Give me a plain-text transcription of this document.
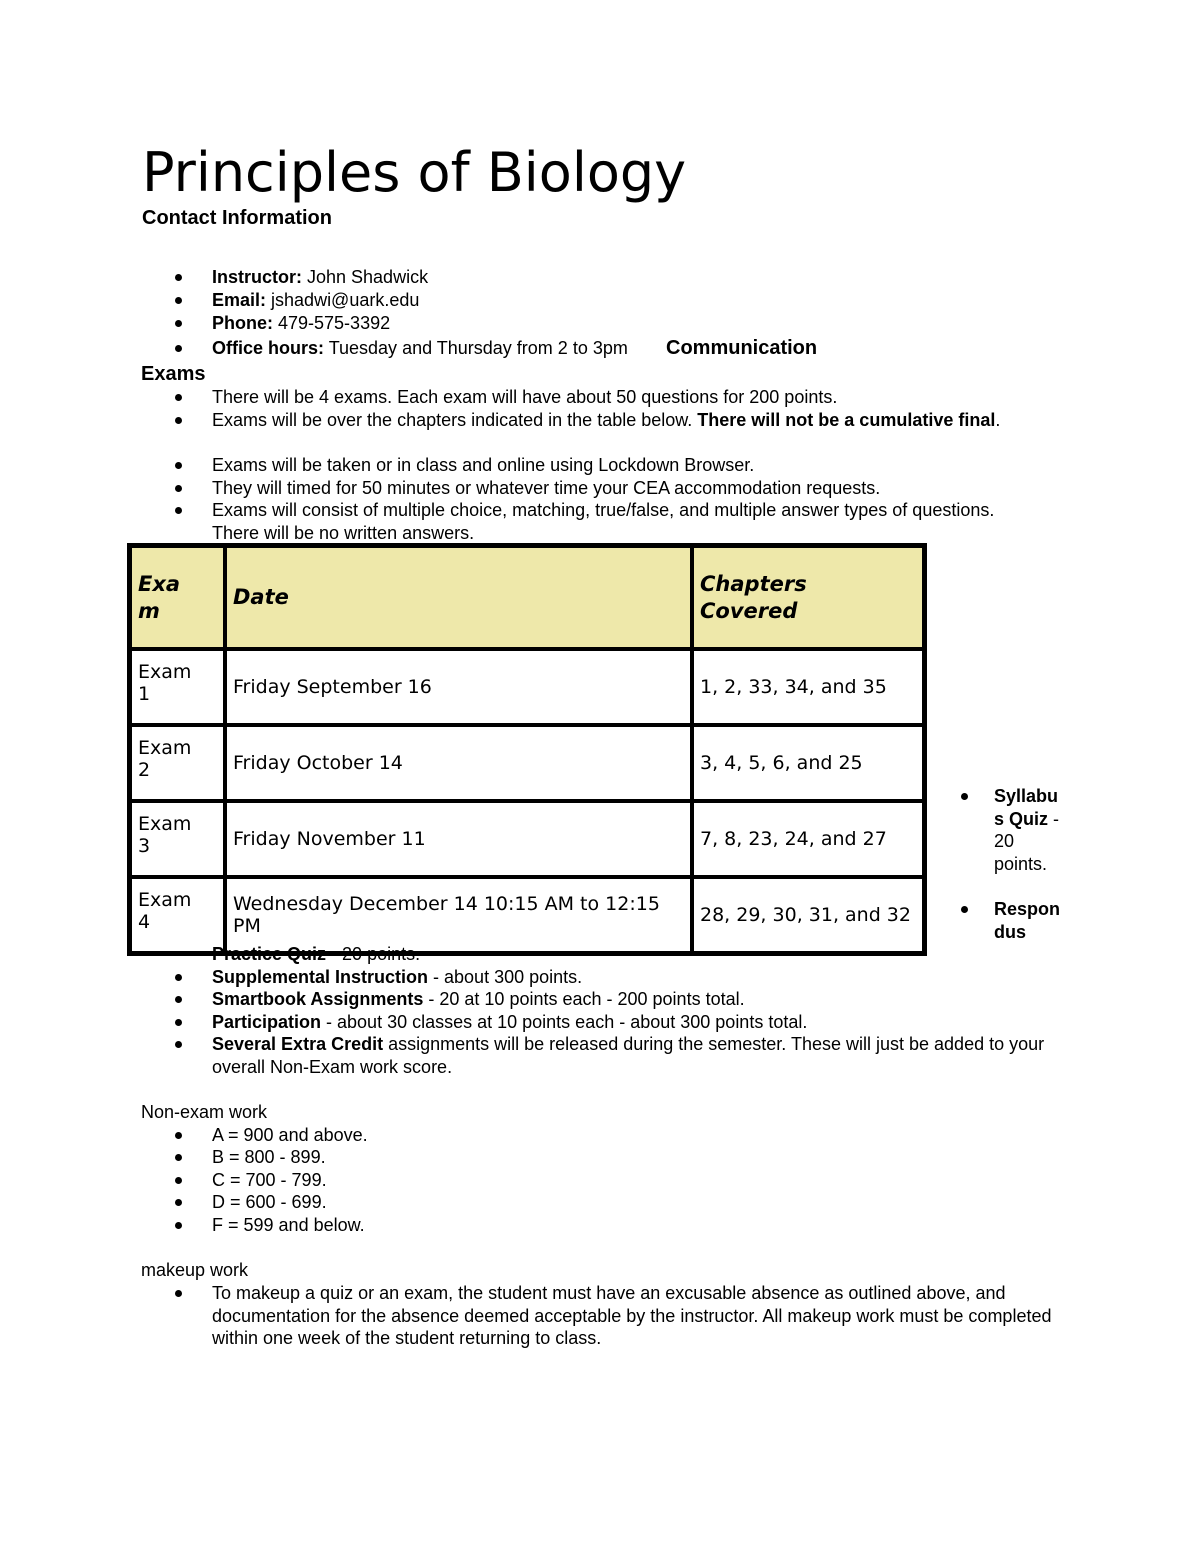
Principles of Biology
Contact Information
Instructor: John Shadwick
Email: jshadwi@uark.edu
Phone: 479-575-3392
Office hours: Tuesday and Thursday from 2 to 3pm Communication
Exams
There will be 4 exams. Each exam will have about 50 questions for 200 points.
Exams will be over the chapters indicated in the table below. There will not be a cumulative final.
Exams will be taken or in class and online using Lockdown Browser.
They will timed for 50 minutes or whatever time your CEA accommodation requests.
Exams will consist of multiple choice, matching, true/false, and multiple answer types of questions. There will be no written answers.
Exam	Date	Chapters Covered

Exam 1	Friday September 16	1, 2, 33, 34, and 35

Exam 2	Friday October 14	3, 4, 5, 6, and 25

Exam 3	Friday November 11	7, 8, 23, 24, and 27

Exam 4	Wednesday December 14 10:15 AM to 12:15 PM	28, 29, 30, 31, and 32
Syllabus Quiz - 20 points.
Respondus
Practice Quiz - 20 points.
Supplemental Instruction - about 300 points.
Smartbook Assignments - 20 at 10 points each - 200 points total.
Participation - about 30 classes at 10 points each - about 300 points total.
Several Extra Credit assignments will be released during the semester. These will just be added to your overall Non-Exam work score.
Non-exam work
A = 900 and above.
B = 800 - 899.
C = 700 - 799.
D = 600 - 699.
F = 599 and below.
makeup work
To makeup a quiz or an exam, the student must have an excusable absence as outlined above, and documentation for the absence deemed acceptable by the instructor. All makeup work must be completed within one week of the student returning to class.
